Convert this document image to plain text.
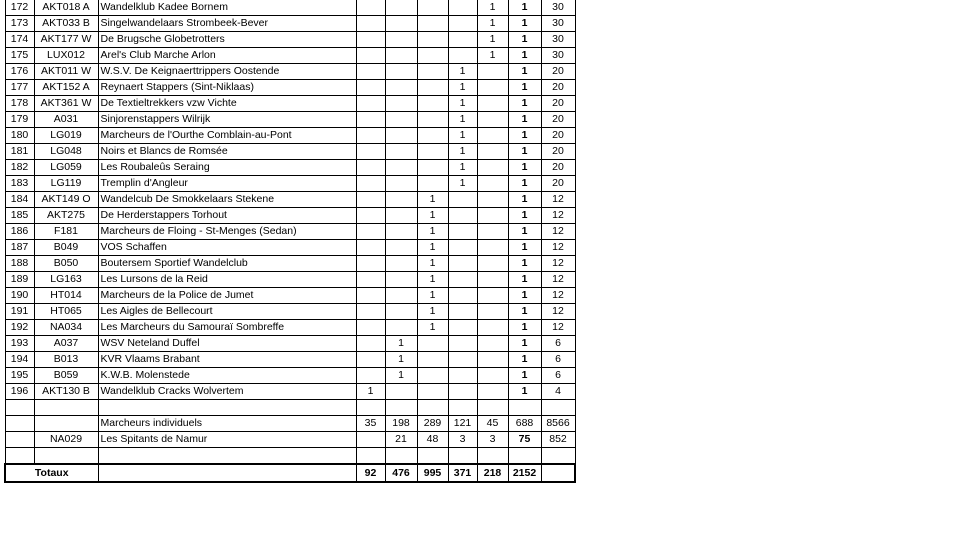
172	AKT018 A	Wandelklub Kadee Bornem					1	1	30
173	AKT033 B	Singelwandelaars Strombeek-Bever					1	1	30
174	AKT177 W	De Brugsche Globetrotters					1	1	30
175	LUX012	Arel's Club Marche Arlon					1	1	30
176	AKT011 W	W.S.V. De Keignaerttrippers Oostende				1		1	20
177	AKT152 A	Reynaert Stappers (Sint-Niklaas)				1		1	20
178	AKT361 W	De Textieltrekkers vzw Vichte				1		1	20
179	A031	Sinjorenstappers Wilrijk				1		1	20
180	LG019	Marcheurs de l'Ourthe Comblain-au-Pont				1		1	20
181	LG048	Noirs et Blancs de Romsée				1		1	20
182	LG059	Les Roubaleûs Seraing				1		1	20
183	LG119	Tremplin d'Angleur				1		1	20
184	AKT149 O	Wandelcub De Smokkelaars Stekene			1			1	12
185	AKT275	De Herderstappers Torhout			1			1	12
186	F181	Marcheurs de Floing - St-Menges (Sedan)			1			1	12
187	B049	VOS Schaffen			1			1	12
188	B050	Boutersem Sportief Wandelclub			1			1	12
189	LG163	Les Lursons de la Reid			1			1	12
190	HT014	Marcheurs de la Police de Jumet			1			1	12
191	HT065	Les Aigles de Bellecourt			1			1	12
192	NA034	Les Marcheurs du Samouraï Sombreffe			1			1	12
193	A037	WSV Neteland Duffel		1				1	6
194	B013	KVR Vlaams Brabant		1				1	6
195	B059	K.W.B. Molenstede		1				1	6
196	AKT130 B	Wandelklub Cracks Wolvertem	1					1	4

		Marcheurs individuels	35	198	289	121	45	688	8566
	NA029	Les Spitants de Namur		21	48	3	3	75	852

Totaux			92	476	995	371	218	2152	
